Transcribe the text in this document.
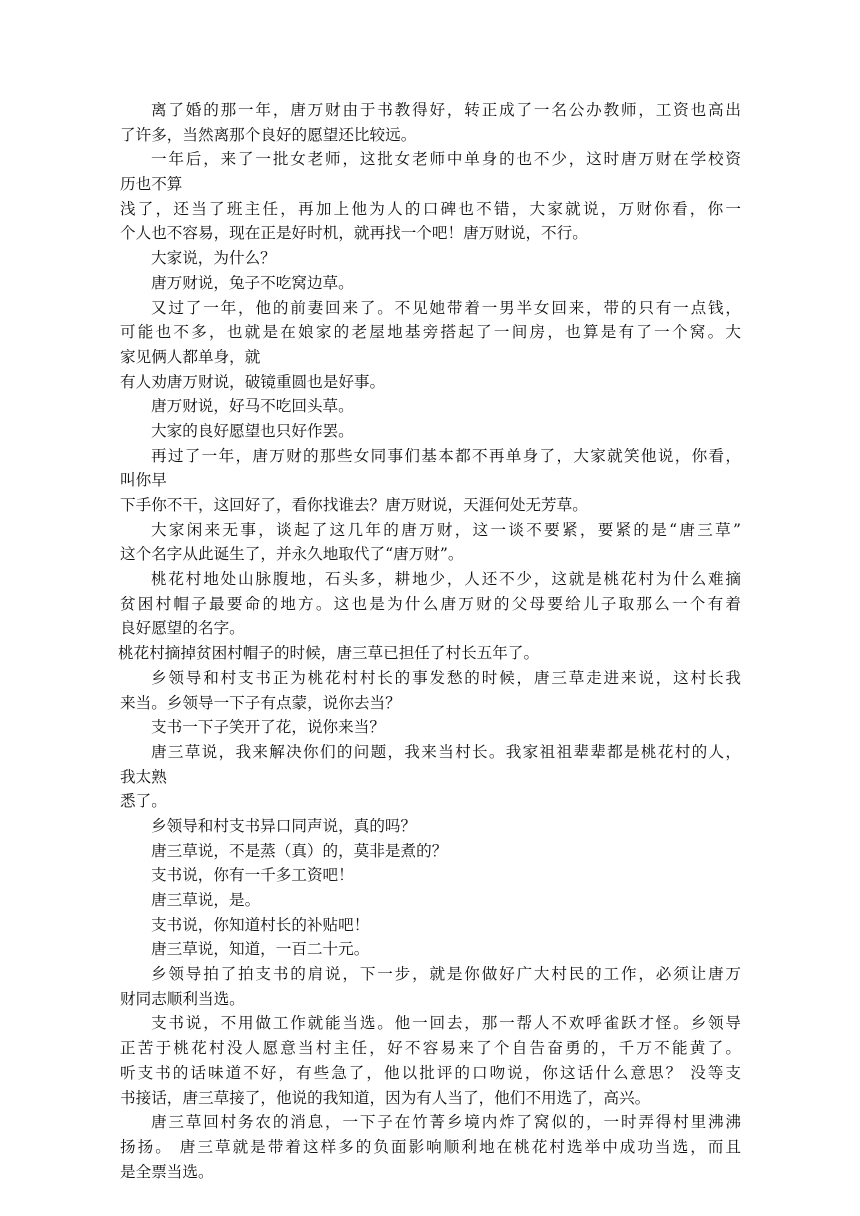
离了婚的那一年，唐万财由于书教得好，转正成了一名公办教师，工资也高出
了许多，当然离那个良好的愿望还比较远。
一年后，来了一批女老师，这批女老师中单身的也不少，这时唐万财在学校资
历也不算
浅了，还当了班主任，再加上他为人的口碑也不错，大家就说，万财你看，你一
个人也不容易，现在正是好时机，就再找一个吧！唐万财说，不行。
大家说，为什么？
唐万财说，兔子不吃窝边草。
又过了一年，他的前妻回来了。不见她带着一男半女回来，带的只有一点钱，
可能也不多，也就是在娘家的老屋地基旁搭起了一间房，也算是有了一个窝。大
家见俩人都单身，就
有人劝唐万财说，破镜重圆也是好事。
唐万财说，好马不吃回头草。
大家的良好愿望也只好作罢。
再过了一年，唐万财的那些女同事们基本都不再单身了，大家就笑他说，你看，
叫你早
下手你不干，这回好了，看你找谁去？唐万财说，天涯何处无芳草。
大家闲来无事，谈起了这几年的唐万财，这一谈不要紧，要紧的是“唐三草”
这个名字从此诞生了，并永久地取代了“唐万财”。
桃花村地处山脉腹地，石头多，耕地少，人还不少，这就是桃花村为什么难摘
贫困村帽子最要命的地方。这也是为什么唐万财的父母要给儿子取那么一个有着
良好愿望的名字。
桃花村摘掉贫困村帽子的时候，唐三草已担任了村长五年了。
乡领导和村支书正为桃花村村长的事发愁的时候，唐三草走进来说，这村长我
来当。乡领导一下子有点蒙，说你去当？
支书一下子笑开了花，说你来当？
唐三草说，我来解决你们的问题，我来当村长。我家祖祖辈辈都是桃花村的人，
我太熟
悉了。
乡领导和村支书异口同声说，真的吗？
唐三草说，不是蒸（真）的，莫非是煮的？
支书说，你有一千多工资吧！
唐三草说，是。
支书说，你知道村长的补贴吧！
唐三草说，知道，一百二十元。
乡领导拍了拍支书的肩说，下一步，就是你做好广大村民的工作，必须让唐万
财同志顺利当选。
支书说，不用做工作就能当选。他一回去，那一帮人不欢呼雀跃才怪。乡领导
正苦于桃花村没人愿意当村主任，好不容易来了个自告奋勇的，千万不能黄了。
听支书的话味道不好，有些急了，他以批评的口吻说，你这话什么意思？ 没等支
书接话，唐三草接了，他说的我知道，因为有人当了，他们不用选了，高兴。
唐三草回村务农的消息，一下子在竹菁乡境内炸了窝似的，一时弄得村里沸沸
扬扬。 唐三草就是带着这样多的负面影响顺利地在桃花村选举中成功当选，而且
是全票当选。
